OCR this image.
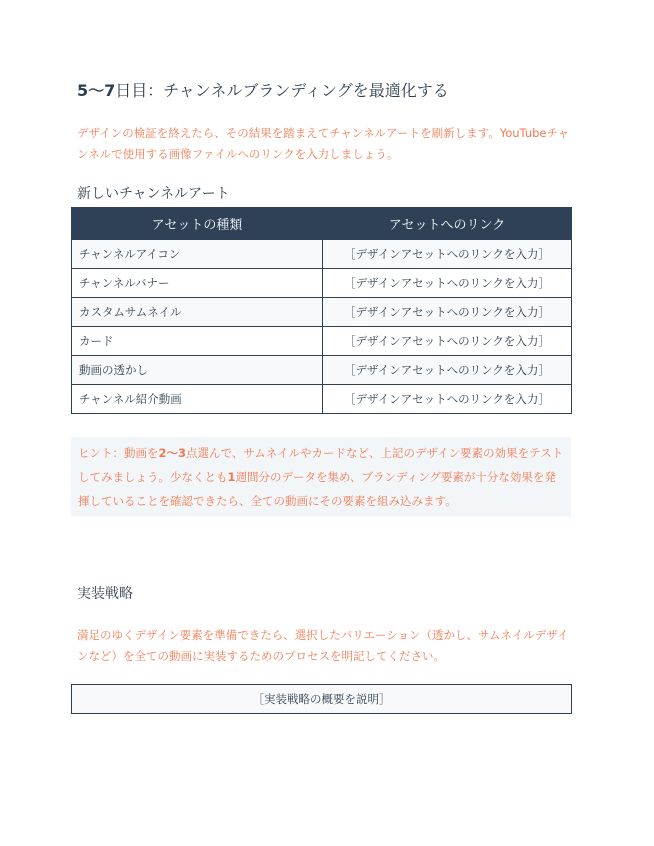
5〜7日目：チャンネルブランディングを最適化する
デザインの検証を終えたら、その結果を踏まえてチャンネルアートを刷新します。YouTubeチャンネルで使用する画像ファイルへのリンクを入力しましょう。
新しいチャンネルアート
アセットの種類	アセットへのリンク
チャンネルアイコン	［デザインアセットへのリンクを入力］
チャンネルバナー	［デザインアセットへのリンクを入力］
カスタムサムネイル	［デザインアセットへのリンクを入力］
カード	［デザインアセットへのリンクを入力］
動画の透かし	［デザインアセットへのリンクを入力］
チャンネル紹介動画	［デザインアセットへのリンクを入力］
ヒント：動画を2〜3点選んで、サムネイルやカードなど、上記のデザイン要素の効果をテストしてみましょう。少なくとも1週間分のデータを集め、ブランディング要素が十分な効果を発揮していることを確認できたら、全ての動画にその要素を組み込みます。
実装戦略
満足のゆくデザイン要素を準備できたら、選択したバリエーション（透かし、サムネイルデザインなど）を全ての動画に実装するためのプロセスを明記してください。
［実装戦略の概要を説明］
